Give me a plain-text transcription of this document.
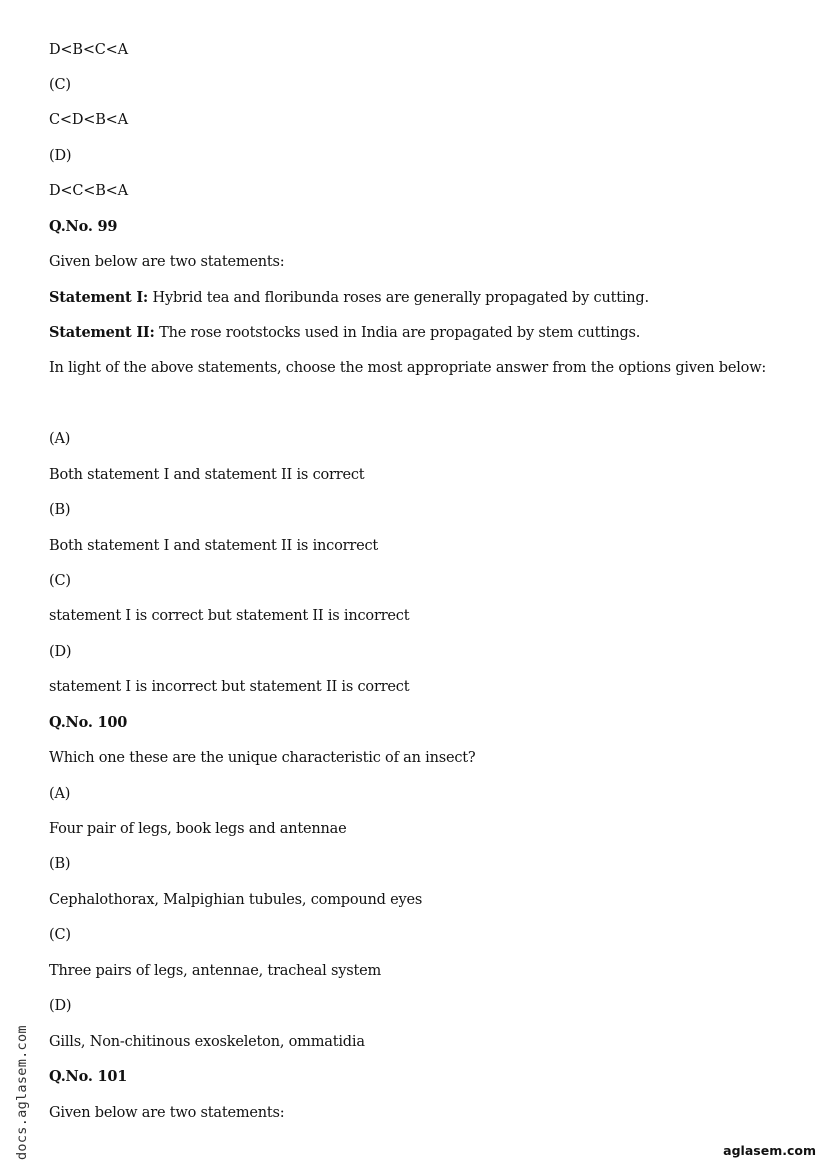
D<B<C<A
(C)
C<D<B<A
(D)
D<C<B<A
Q.No. 99
Given below are two statements:
Statement I: Hybrid tea and floribunda roses are generally propagated by cutting.
Statement II: The rose rootstocks used in India are propagated by stem cuttings.
In light of the above statements, choose the most appropriate answer from the options given below:
(A)
Both statement I and statement II is correct
(B)
Both statement I and statement II is incorrect
(C)
statement I is correct but statement II is incorrect
(D)
statement I is incorrect but statement II is correct
Q.No. 100
Which one these are the unique characteristic of an insect?
(A)
Four pair of legs, book legs and antennae
(B)
Cephalothorax, Malpighian tubules, compound eyes
(C)
Three pairs of legs, antennae, tracheal system
(D)
Gills, Non-chitinous exoskeleton, ommatidia
Q.No. 101
Given below are two statements:
docs.aglasem.com	aglasem.com
